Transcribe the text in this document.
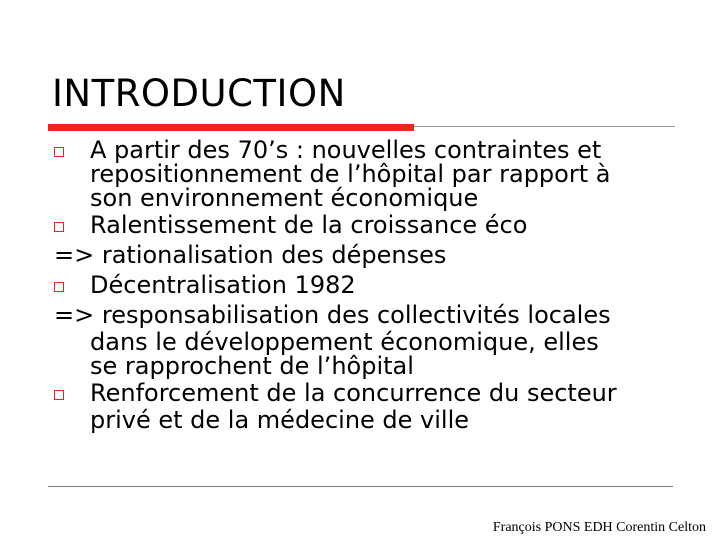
INTRODUCTION
A partir des 70’s : nouvelles contraintes et
repositionnement de l’hôpital par rapport à
son environnement économique
Ralentissement de la croissance éco
=> rationalisation des dépenses
Décentralisation 1982
=> responsabilisation des collectivités locales
dans le développement économique, elles
se rapprochent de l’hôpital
Renforcement de la concurrence du secteur
privé et de la médecine de ville
François PONS EDH Corentin Celton
